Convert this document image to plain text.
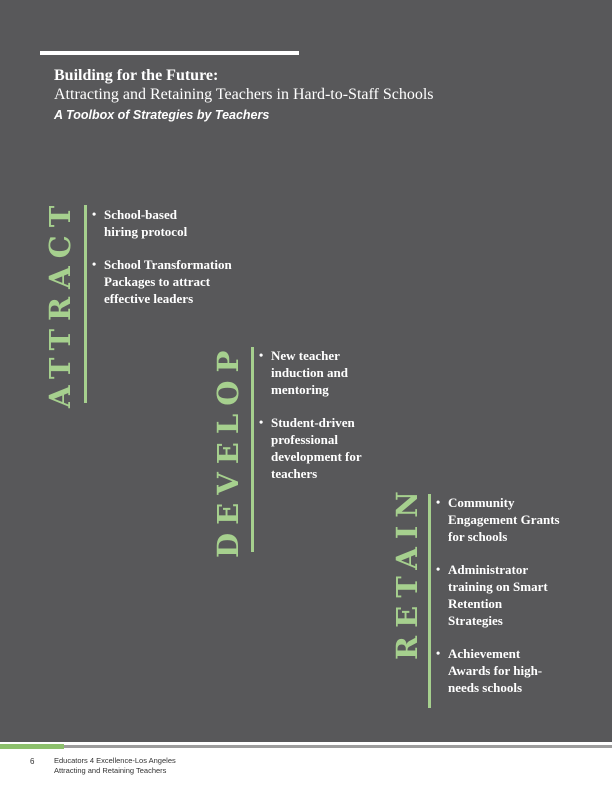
Building for the Future:
Attracting and Retaining Teachers in Hard-to-Staff Schools
A Toolbox of Strategies by Teachers
ATTRACT • School-based hiring protocol
• School Transformation Packages to attract effective leaders
DEVELOP • New teacher induction and mentoring
• Student-driven professional development for teachers
RETAIN • Community Engagement Grants for schools
• Administrator training on Smart Retention Strategies
• Achievement Awards for high-needs schools
6	Educators 4 Excellence-Los Angeles
Attracting and Retaining Teachers
